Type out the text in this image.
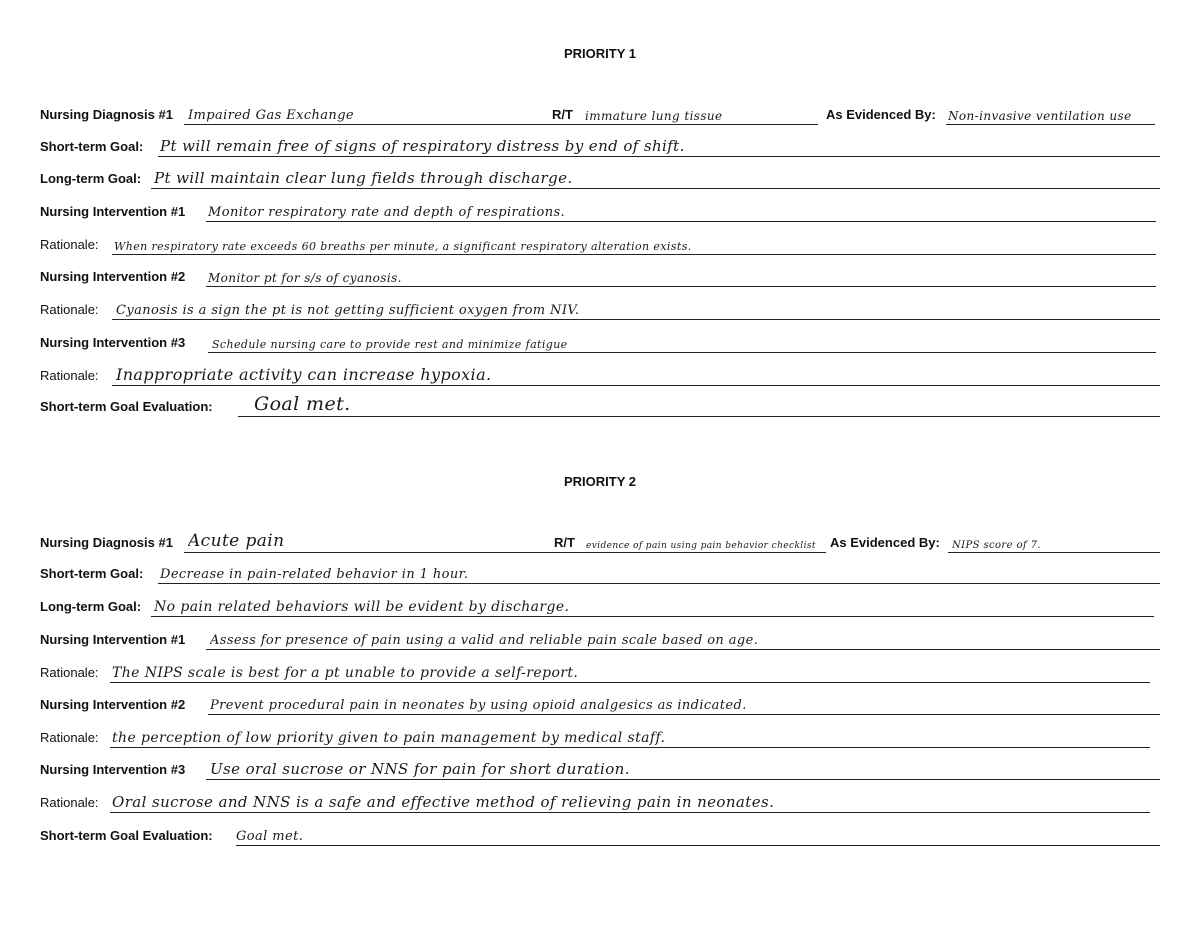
PRIORITY 1
Nursing Diagnosis #1 Impaired Gas Exchange	R/T immature lung tissue	As Evidenced By: Non-invasive ventilation use
Short-term Goal: Pt will remain free of signs of respiratory distress by end of shift.
Long-term Goal: Pt will maintain clear lung fields through discharge.
Nursing Intervention #1 Monitor respiratory rate and depth of respirations.
Rationale: When respiratory rate exceeds 60 breaths per minute, a significant respiratory alteration exists.
Nursing Intervention #2 Monitor pt for s/s of cyanosis.
Rationale: Cyanosis is a sign the pt is not getting sufficient oxygen from NIV.
Nursing Intervention #3 Schedule nursing care to provide rest and minimize fatigue
Rationale: Inappropriate activity can increase hypoxia.
Short-term Goal Evaluation: Goal met.
PRIORITY 2
Nursing Diagnosis #1 Acute pain	R/T evidence of pain using pain behavior checklist	As Evidenced By: NIPS score of 7.
Short-term Goal: Decrease in pain-related behavior in 1 hour.
Long-term Goal: No pain related behaviors will be evident by discharge.
Nursing Intervention #1 Assess for presence of pain using a valid and reliable pain scale based on age.
Rationale: The NIPS scale is best for a pt unable to provide a self-report.
Nursing Intervention #2 Prevent procedural pain in neonates by using opioid analgesics as indicated.
Rationale: the perception of low priority given to pain management by medical staff.
Nursing Intervention #3 Use oral sucrose or NNS for pain for short duration.
Rationale: Oral sucrose and NNS is a safe and effective method of relieving pain in neonates.
Short-term Goal Evaluation: Goal met.
